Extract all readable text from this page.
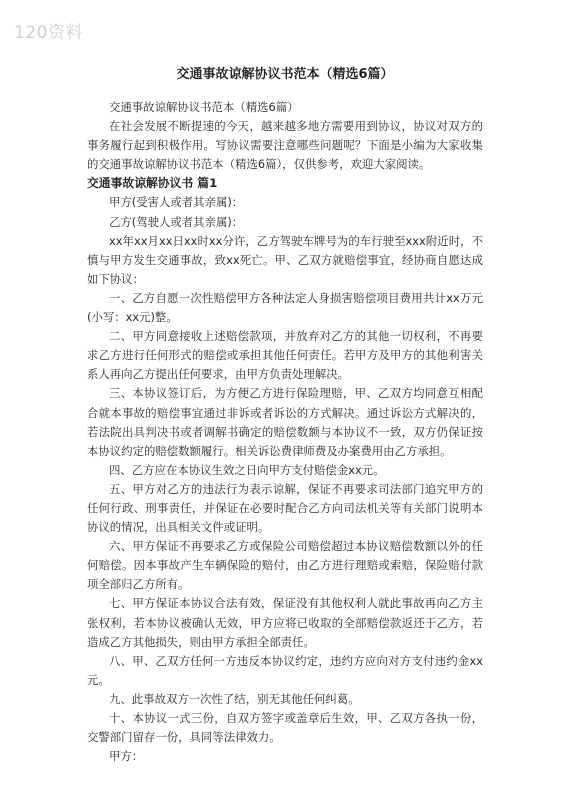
120资料
交通事故谅解协议书范本（精选6篇）

交通事故谅解协议书范本（精选6篇）

在社会发展不断提速的今天，越来越多地方需要用到协议，协议对双方的事务履行起到积极作用。写协议需要注意哪些问题呢？下面是小编为大家收集的交通事故谅解协议书范本（精选6篇），仅供参考，欢迎大家阅读。

交通事故谅解协议书 篇1

甲方(受害人或者其亲属)：

乙方(驾驶人或者其亲属)：

xx年xx月xx日xx时xx分许，乙方驾驶车牌号为的车行驶至xxx附近时，不慎与甲方发生交通事故，致xx死亡。甲、乙双方就赔偿事宜，经协商自愿达成如下协议：

一、乙方自愿一次性赔偿甲方各种法定人身损害赔偿项目费用共计xx万元(小写：xx元)整。

二、甲方同意接收上述赔偿款项，并放弃对乙方的其他一切权利，不再要求乙方进行任何形式的赔偿或承担其他任何责任。若甲方及甲方的其他利害关系人再向乙方提出任何要求，由甲方负责处理解决。

三、本协议签订后，为方便乙方进行保险理赔，甲、乙双方均同意互相配合就本事故的赔偿事宜通过非诉或者诉讼的方式解决。通过诉讼方式解决的，若法院出具判决书或者调解书确定的赔偿数额与本协议不一致，双方仍保证按本协议约定的赔偿数额履行。相关诉讼费律师费及办案费用由乙方承担。

四、乙方应在本协议生效之日向甲方支付赔偿金xx元。

五、甲方对乙方的违法行为表示谅解，保证不再要求司法部门追究甲方的任何行政、刑事责任，并保证在必要时配合乙方向司法机关等有关部门说明本协议的情况，出具相关文件或证明。

六、甲方保证不再要求乙方或保险公司赔偿超过本协议赔偿数额以外的任何赔偿。因本事故产生车辆保险的赔付，由乙方进行理赔或索赔，保险赔付款项全部归乙方所有。

七、甲方保证本协议合法有效，保证没有其他权利人就此事故再向乙方主张权利，若本协议被确认无效，甲方应将已收取的全部赔偿款返还于乙方，若造成乙方其他损失，则由甲方承担全部责任。

八、甲、乙双方任何一方违反本协议约定，违约方应向对方支付违约金xx元。

九、此事故双方一次性了结，别无其他任何纠葛。

十、本协议一式三份，自双方签字或盖章后生效，甲、乙双方各执一份，交警部门留存一份，具同等法律效力。

甲方：
